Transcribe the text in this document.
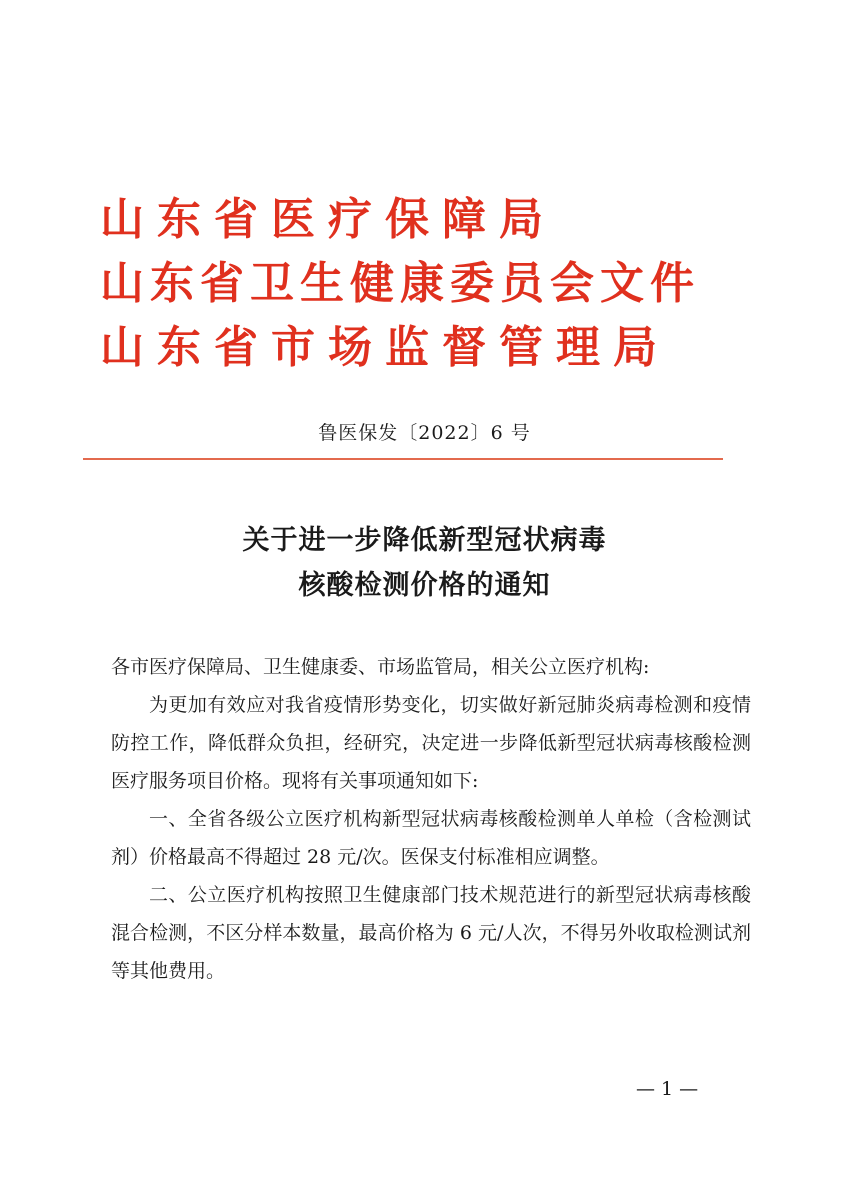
山东省医疗保障局
山东省卫生健康委员会文件
山东省市场监督管理局
鲁医保发〔2022〕6 号
关于进一步降低新型冠状病毒
核酸检测价格的通知

各市医疗保障局、卫生健康委、市场监管局，相关公立医疗机构:

为更加有效应对我省疫情形势变化，切实做好新冠肺炎病毒检测和疫情防控工作，降低群众负担，经研究，决定进一步降低新型冠状病毒核酸检测医疗服务项目价格。现将有关事项通知如下:

一、全省各级公立医疗机构新型冠状病毒核酸检测单人单检（含检测试剂）价格最高不得超过 28 元/次。医保支付标准相应调整。

二、公立医疗机构按照卫生健康部门技术规范进行的新型冠状病毒核酸混合检测，不区分样本数量，最高价格为 6 元/人次，不得另外收取检测试剂等其他费用。

— 1 —
